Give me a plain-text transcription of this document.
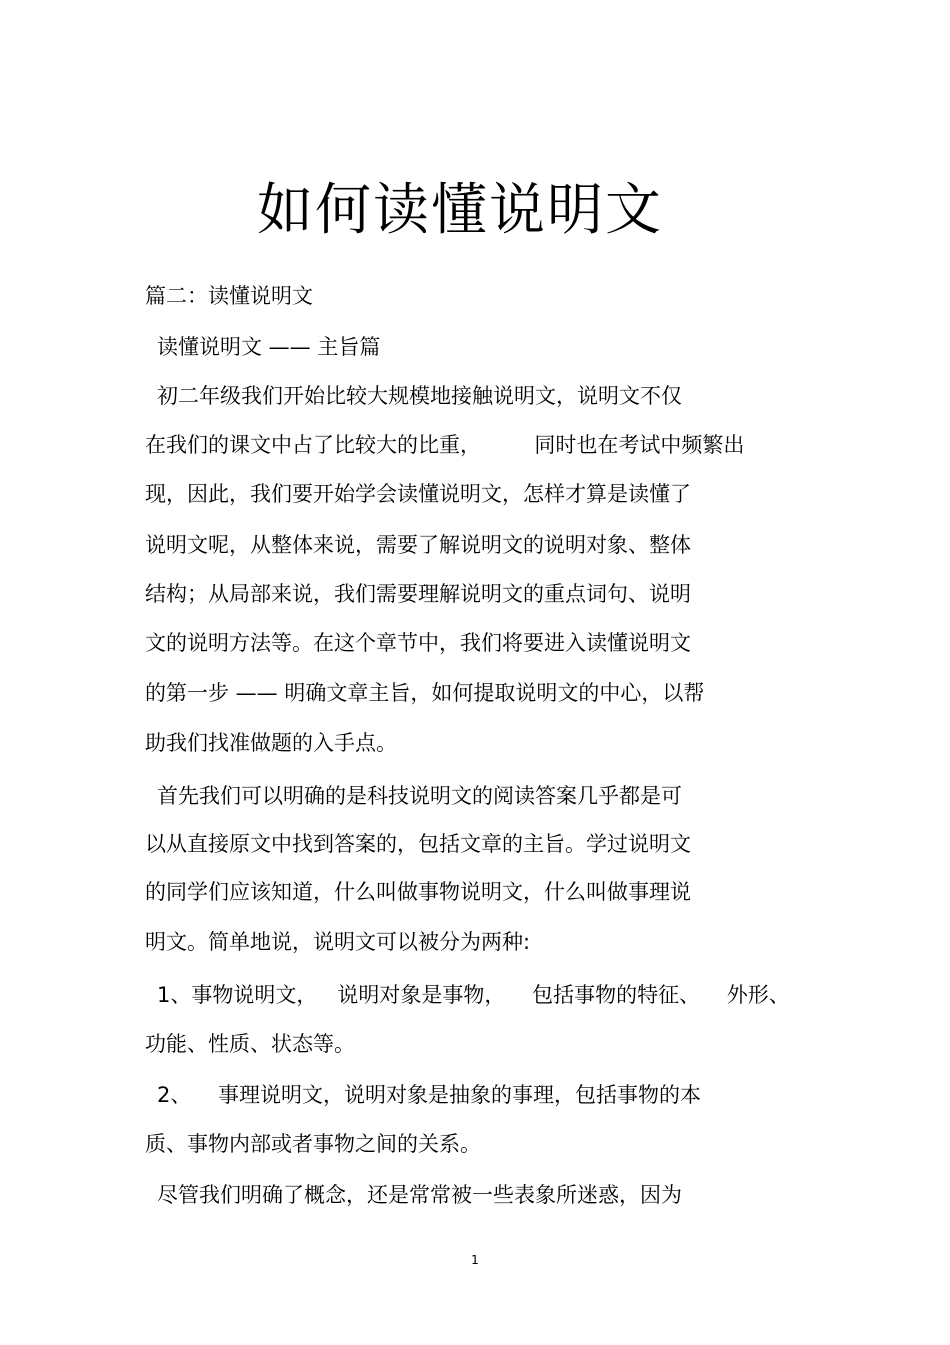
如何读懂说明文

篇二：读懂说明文

读懂说明文 —— 主旨篇

初二年级我们开始比较大规模地接触说明文，说明文不仅

在我们的课文中占了比较大的比重，        同时也在考试中频繁出

现，因此，我们要开始学会读懂说明文，怎样才算是读懂了

说明文呢，从整体来说，需要了解说明文的说明对象、整体

结构；从局部来说，我们需要理解说明文的重点词句、说明

文的说明方法等。在这个章节中，我们将要进入读懂说明文

的第一步 —— 明确文章主旨，如何提取说明文的中心，以帮

助我们找准做题的入手点。

首先我们可以明确的是科技说明文的阅读答案几乎都是可

以从直接原文中找到答案的，包括文章的主旨。学过说明文

的同学们应该知道，什么叫做事物说明文，什么叫做事理说

明文。简单地说，说明文可以被分为两种:

1、事物说明文，   说明对象是事物，    包括事物的特征、    外形、

功能、性质、状态等。

2、    事理说明文，说明对象是抽象的事理，包括事物的本

质、事物内部或者事物之间的关系。

尽管我们明确了概念，还是常常被一些表象所迷惑，因为

1
